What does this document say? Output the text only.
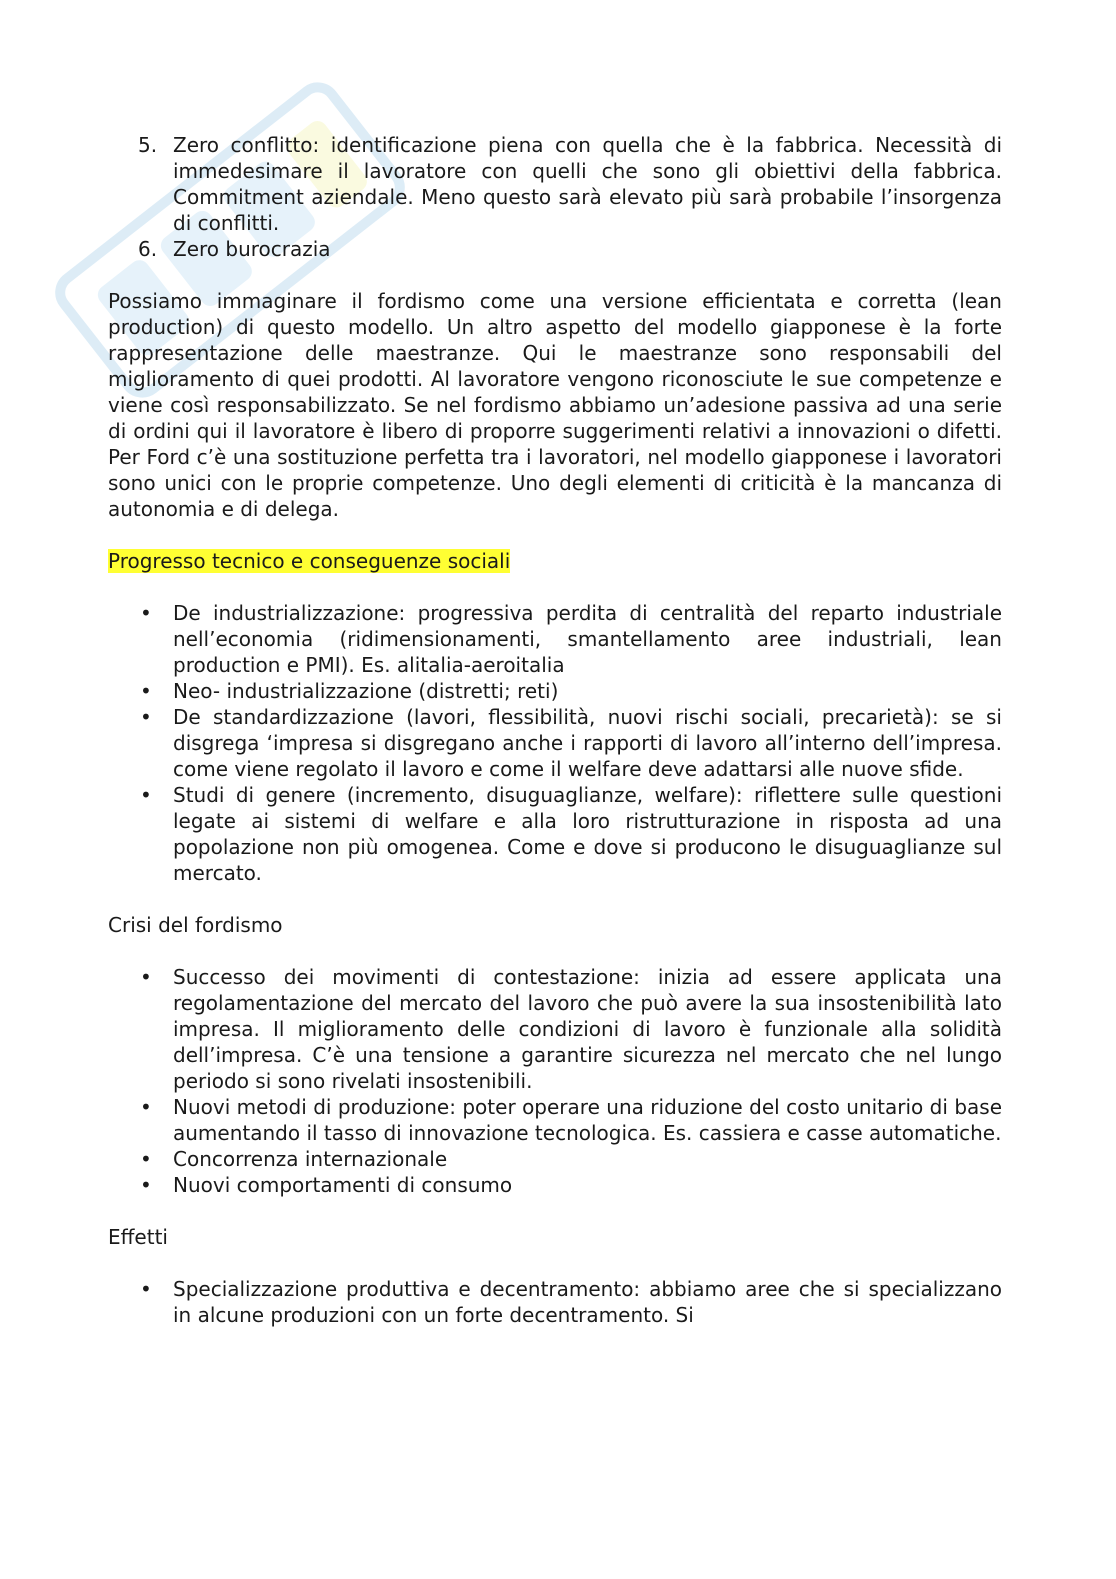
5. Zero conflitto: identificazione piena con quella che è la fabbrica. Necessità di immedesimare il lavoratore con quelli che sono gli obiettivi della fabbrica. Commitment aziendale. Meno questo sarà elevato più sarà probabile l’insorgenza di conflitti.
6. Zero burocrazia

Possiamo immaginare il fordismo come una versione efficientata e corretta (lean production) di questo modello. Un altro aspetto del modello giapponese è la forte rappresentazione delle maestranze. Qui le maestranze sono responsabili del miglioramento di quei prodotti. Al lavoratore vengono riconosciute le sue competenze e viene così responsabilizzato. Se nel fordismo abbiamo un’adesione passiva ad una serie di ordini qui il lavoratore è libero di proporre suggerimenti relativi a innovazioni o difetti. Per Ford c’è una sostituzione perfetta tra i lavoratori, nel modello giapponese i lavoratori sono unici con le proprie competenze. Uno degli elementi di criticità è la mancanza di autonomia e di delega.

Progresso tecnico e conseguenze sociali

• De industrializzazione: progressiva perdita di centralità del reparto industriale nell’economia (ridimensionamenti, smantellamento aree industriali, lean production e PMI). Es. alitalia-aeroitalia
• Neo- industrializzazione (distretti; reti)
• De standardizzazione (lavori, flessibilità, nuovi rischi sociali, precarietà): se si disgrega ‘impresa si disgregano anche i rapporti di lavoro all’interno dell’impresa. come viene regolato il lavoro e come il welfare deve adattarsi alle nuove sfide.
• Studi di genere (incremento, disuguaglianze, welfare): riflettere sulle questioni legate ai sistemi di welfare e alla loro ristrutturazione in risposta ad una popolazione non più omogenea. Come e dove si producono le disuguaglianze sul mercato.

Crisi del fordismo

• Successo dei movimenti di contestazione: inizia ad essere applicata una regolamentazione del mercato del lavoro che può avere la sua insostenibilità lato impresa. Il miglioramento delle condizioni di lavoro è funzionale alla solidità dell’impresa. C’è una tensione a garantire sicurezza nel mercato che nel lungo periodo si sono rivelati insostenibili.
• Nuovi metodi di produzione: poter operare una riduzione del costo unitario di base aumentando il tasso di innovazione tecnologica. Es. cassiera e casse automatiche.
• Concorrenza internazionale
• Nuovi comportamenti di consumo

Effetti

• Specializzazione produttiva e decentramento: abbiamo aree che si specializzano in alcune produzioni con un forte decentramento. Si
